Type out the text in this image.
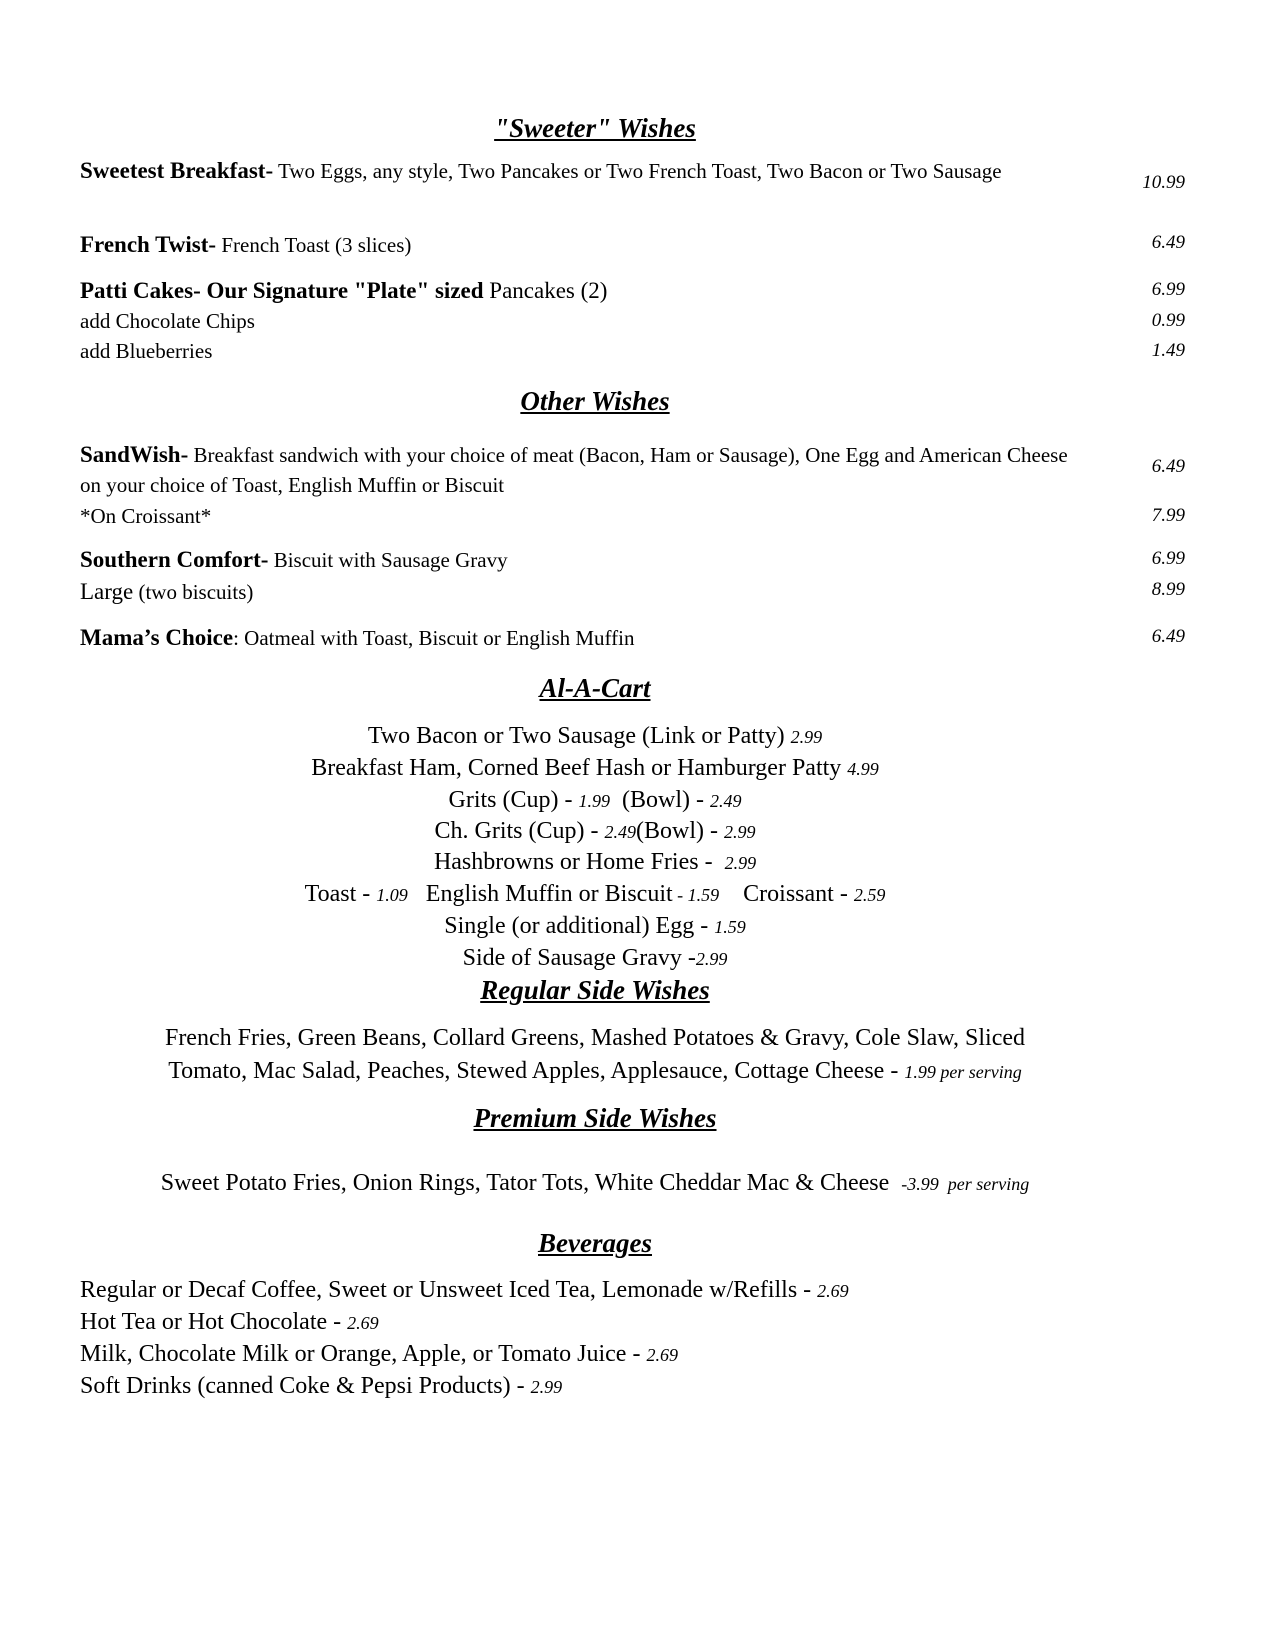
"Sweeter" Wishes
Sweetest Breakfast- Two Eggs, any style, Two Pancakes or Two French Toast, Two Bacon or Two Sausage	10.99
French Twist- French Toast (3 slices)	6.49
Patti Cakes- Our Signature "Plate" sized Pancakes (2)	6.99
add Chocolate Chips	0.99
add Blueberries	1.49
Other Wishes
SandWish- Breakfast sandwich with your choice of meat (Bacon, Ham or Sausage), One Egg and American Cheese on your choice of Toast, English Muffin or Biscuit
6.49
*On Croissant*	7.99
Southern Comfort- Biscuit with Sausage Gravy	6.99
Large (two biscuits)	8.99
Mama’s Choice: Oatmeal with Toast, Biscuit or English Muffin	6.49
Al-A-Cart
Two Bacon or Two Sausage (Link or Patty) 2.99
Breakfast Ham, Corned Beef Hash or Hamburger Patty 4.99
Grits (Cup) - 1.99  (Bowl) - 2.49
Ch. Grits (Cup) - 2.49(Bowl) - 2.99
Hashbrowns or Home Fries -  2.99
Toast - 1.09   English Muffin or Biscuit - 1.59    Croissant - 2.59
Single (or additional) Egg - 1.59
Side of Sausage Gravy -2.99
Regular Side Wishes
French Fries, Green Beans, Collard Greens, Mashed Potatoes & Gravy, Cole Slaw, Sliced
Tomato, Mac Salad, Peaches, Stewed Apples, Applesauce, Cottage Cheese - 1.99 per serving
Premium Side Wishes
Sweet Potato Fries, Onion Rings, Tator Tots, White Cheddar Mac & Cheese  -3.99  per serving
Beverages
Regular or Decaf Coffee, Sweet or Unsweet Iced Tea, Lemonade w/Refills - 2.69
Hot Tea or Hot Chocolate - 2.69
Milk, Chocolate Milk or Orange, Apple, or Tomato Juice - 2.69
Soft Drinks (canned Coke & Pepsi Products) - 2.99
